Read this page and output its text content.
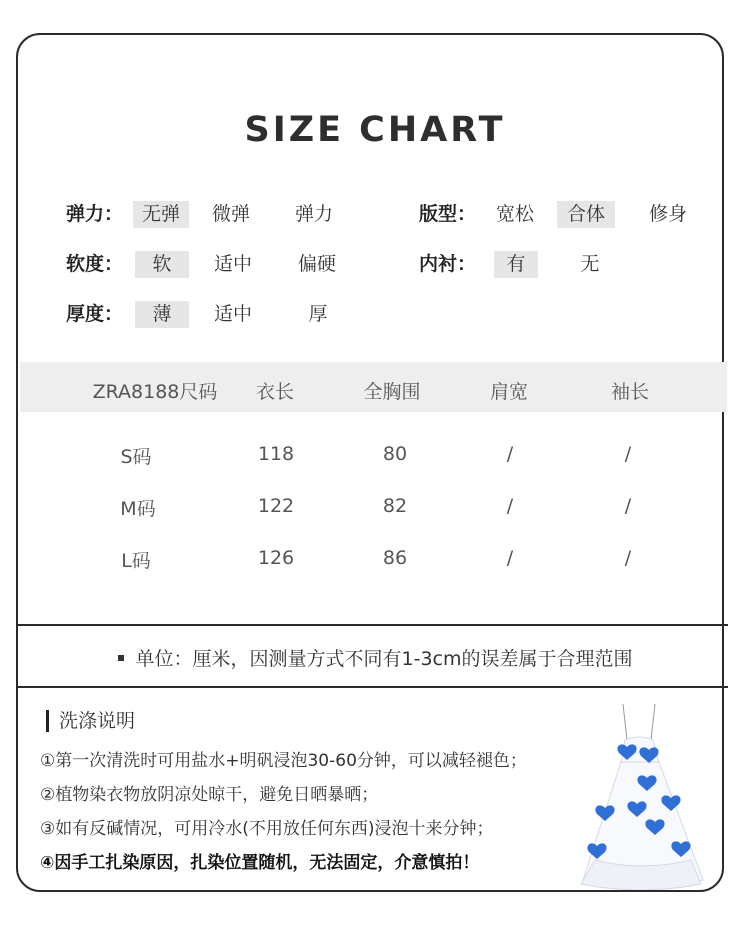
SIZE CHART
弹力： 无弹	微弹	弹力	版型：	宽松	合体	修身
软度：	软	适中	偏硬	内衬：	有	无
厚度：	薄	适中	厚
ZRA8188尺码	衣长	全胸围	肩宽	袖长
S码	118	80	/	/
M码	122	82	/	/
L码	126	86	/	/
单位：厘米，因测量方式不同有1-3cm的误差属于合理范围
洗涤说明
①第一次清洗时可用盐水+明矾浸泡30-60分钟，可以减轻褪色；
②植物染衣物放阴凉处晾干，避免日晒暴晒；
③如有反碱情况，可用冷水(不用放任何东西)浸泡十来分钟；
④因手工扎染原因，扎染位置随机，无法固定，介意慎拍！
